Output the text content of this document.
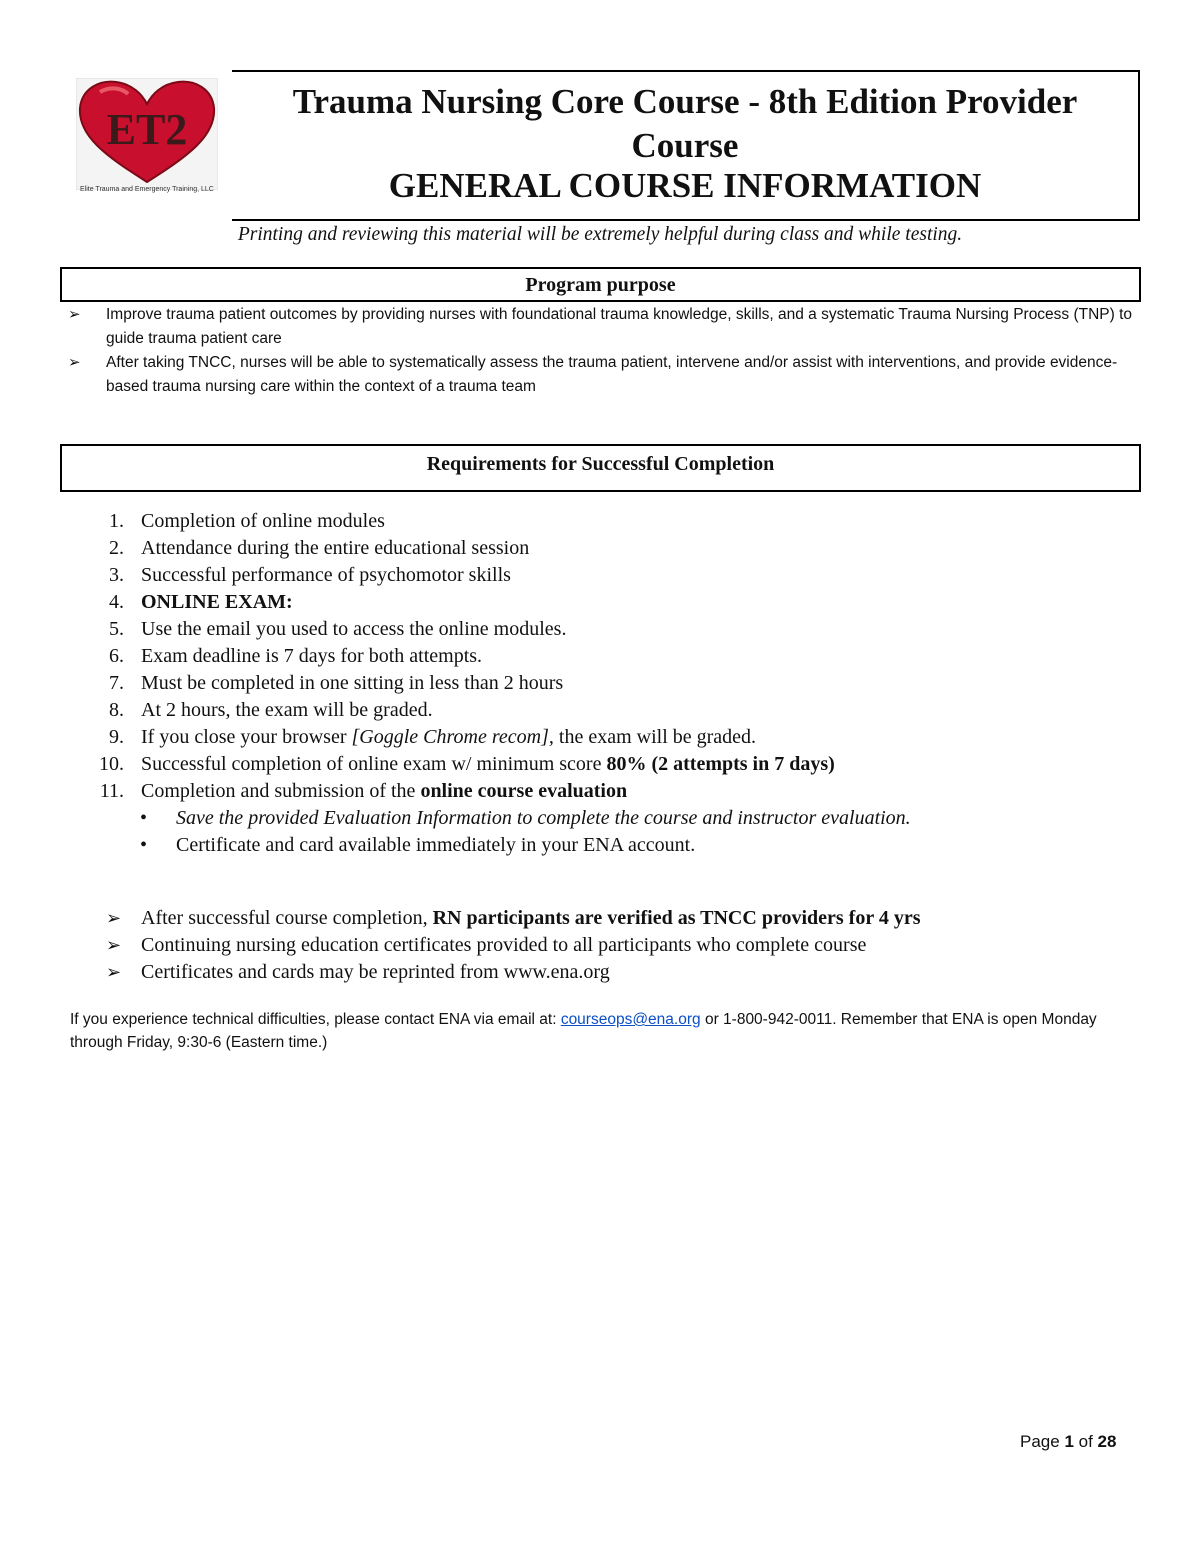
ET2
Elite Trauma and Emergency Training, LLC
Trauma Nursing Core Course - 8th Edition Provider
Course
GENERAL COURSE INFORMATION
Printing and reviewing this material will be extremely helpful during class and while testing.
Program purpose
➢ Improve trauma patient outcomes by providing nurses with foundational trauma knowledge, skills, and a systematic Trauma Nursing Process (TNP) to guide trauma patient care
➢ After taking TNCC, nurses will be able to systematically assess the trauma patient, intervene and/or assist with interventions, and provide evidence-based trauma nursing care within the context of a trauma team
Requirements for Successful Completion
1. Completion of online modules
2. Attendance during the entire educational session
3. Successful performance of psychomotor skills
4. ONLINE EXAM:
5. Use the email you used to access the online modules.
6. Exam deadline is 7 days for both attempts.
7. Must be completed in one sitting in less than 2 hours
8. At 2 hours, the exam will be graded.
9. If you close your browser [Goggle Chrome recom], the exam will be graded.
10. Successful completion of online exam w/ minimum score 80% (2 attempts in 7 days)
11. Completion and submission of the online course evaluation
• Save the provided Evaluation Information to complete the course and instructor evaluation.
• Certificate and card available immediately in your ENA account.
➢ After successful course completion, RN participants are verified as TNCC providers for 4 yrs
➢ Continuing nursing education certificates provided to all participants who complete course
➢ Certificates and cards may be reprinted from www.ena.org
If you experience technical difficulties, please contact ENA via email at: courseops@ena.org or 1-800-942-0011. Remember that ENA is open Monday through Friday, 9:30-6 (Eastern time.)
Page 1 of 28
